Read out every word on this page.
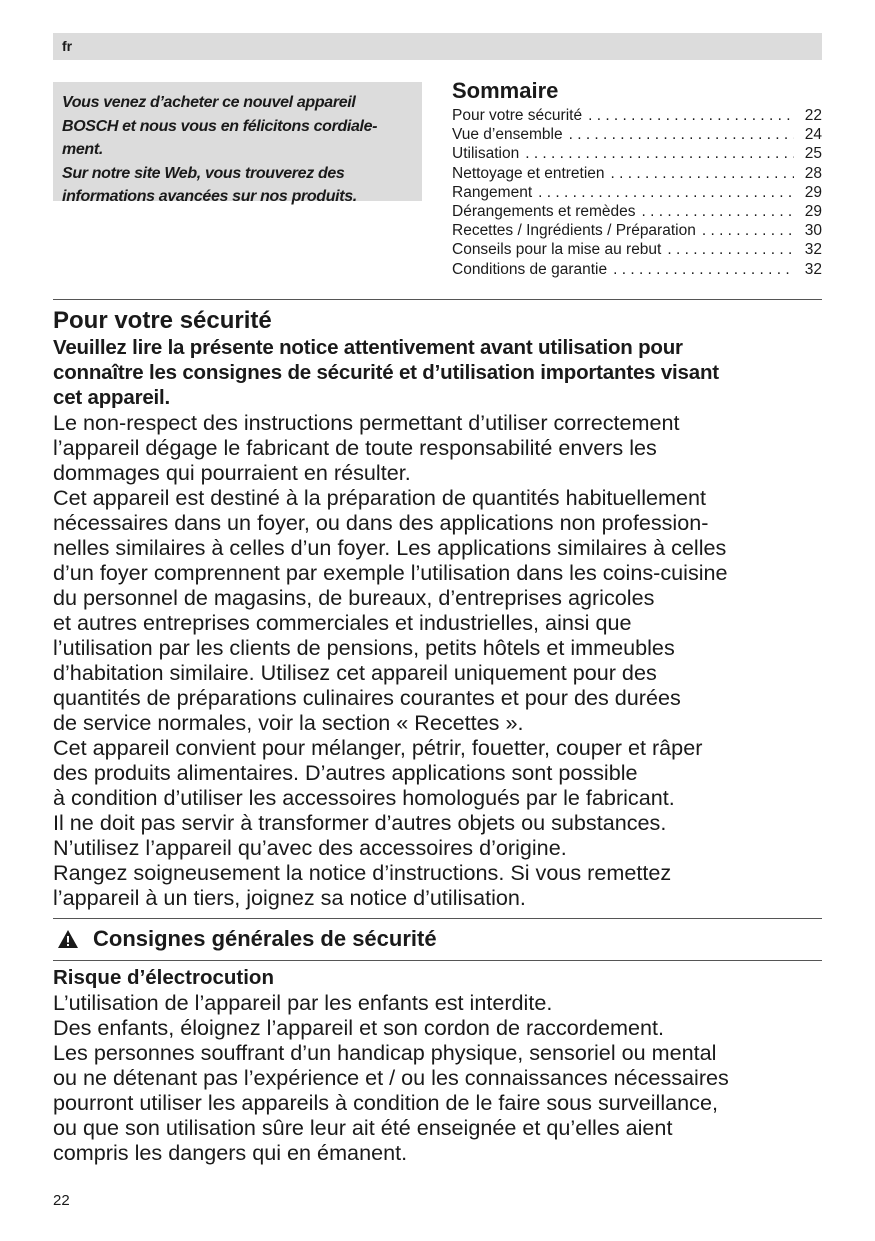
fr

Vous venez d’acheter ce nouvel appareil

BOSCH et nous vous en félicitons cordiale-

ment.

Sur notre site Web, vous trouverez des

informations avancées sur nos produits.

Sommaire
Pour votre sécurité . . .	22
Vue d’ensemble . . .	24
Utilisation . . .	25
Nettoyage et entretien . . .	28
Rangement . . .	29
Dérangements et remèdes . . .	29
Recettes / Ingrédients / Préparation . . .	30
Conseils pour la mise au rebut . . .	32
Conditions de garantie . . .	32
Pour votre sécurité

Veuillez lire la présente notice attentivement avant utilisation pour

connaître les consignes de sécurité et d’utilisation importantes visant

cet appareil.

Le non-respect des instructions permettant d’utiliser correctement

l’appareil dégage le fabricant de toute responsabilité envers les

dommages qui pourraient en résulter.

Cet appareil est destiné à la préparation de quantités habituellement

nécessaires dans un foyer, ou dans des applications non profession-

nelles similaires à celles d’un foyer. Les applications similaires à celles

d’un foyer comprennent par exemple l’utilisation dans les coins-cuisine

du personnel de magasins, de bureaux, d’entreprises agricoles

et autres entreprises commerciales et industrielles, ainsi que

l’utilisation par les clients de pensions, petits hôtels et immeubles

d’habitation similaire. Utilisez cet appareil uniquement pour des

quantités de préparations culinaires courantes et pour des durées

de service normales, voir la section « Recettes ».

Cet appareil convient pour mélanger, pétrir, fouetter, couper et râper

des produits alimentaires. D’autres applications sont possible

à condition d’utiliser les accessoires homologués par le fabricant.

Il ne doit pas servir à transformer d’autres objets ou substances.

N’utilisez l’appareil qu’avec des accessoires d’origine.

Rangez soigneusement la notice d’instructions. Si vous remettez

l’appareil à un tiers, joignez sa notice d’utilisation.

Consignes générales de sécurité
Risque d’électrocution

L’utilisation de l’appareil par les enfants est interdite.

Des enfants, éloignez l’appareil et son cordon de raccordement.

Les personnes souffrant d’un handicap physique, sensoriel ou mental

ou ne détenant pas l’expérience et / ou les connaissances nécessaires

pourront utiliser les appareils à condition de le faire sous surveillance,

ou que son utilisation sûre leur ait été enseignée et qu’elles aient

compris les dangers qui en émanent.

22
